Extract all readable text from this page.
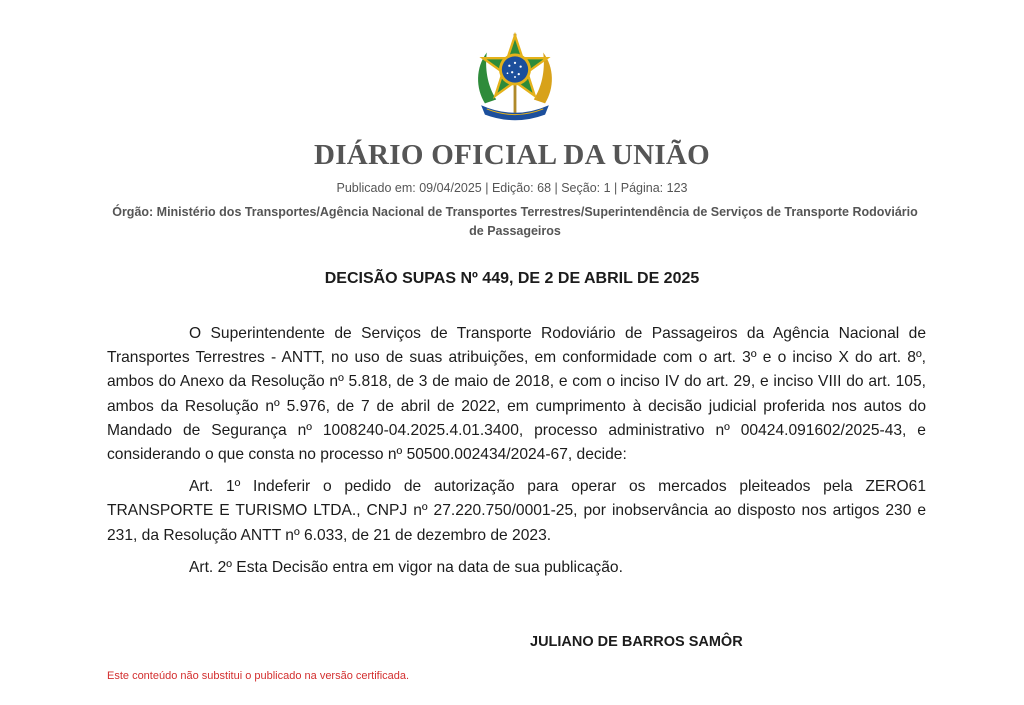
DIÁRIO OFICIAL DA UNIÃO
Publicado em: 09/04/2025 | Edição: 68 | Seção: 1 | Página: 123
Órgão: Ministério dos Transportes/Agência Nacional de Transportes Terrestres/Superintendência de Serviços de Transporte Rodoviário de Passageiros
DECISÃO SUPAS Nº 449, DE 2 DE ABRIL DE 2025

O Superintendente de Serviços de Transporte Rodoviário de Passageiros da Agência Nacional de Transportes Terrestres - ANTT, no uso de suas atribuições, em conformidade com o art. 3º e o inciso X do art. 8º, ambos do Anexo da Resolução nº 5.818, de 3 de maio de 2018, e com o inciso IV do art. 29, e inciso VIII do art. 105, ambos da Resolução nº 5.976, de 7 de abril de 2022, em cumprimento à decisão judicial proferida nos autos do Mandado de Segurança nº 1008240-04.2025.4.01.3400, processo administrativo nº 00424.091602/2025-43, e considerando o que consta no processo nº 50500.002434/2024-67, decide:

Art. 1º Indeferir o pedido de autorização para operar os mercados pleiteados pela ZERO61 TRANSPORTE E TURISMO LTDA., CNPJ nº 27.220.750/0001-25, por inobservância ao disposto nos artigos 230 e 231, da Resolução ANTT nº 6.033, de 21 de dezembro de 2023.

Art. 2º Esta Decisão entra em vigor na data de sua publicação.

JULIANO DE BARROS SAMÔR
Este conteúdo não substitui o publicado na versão certificada.
